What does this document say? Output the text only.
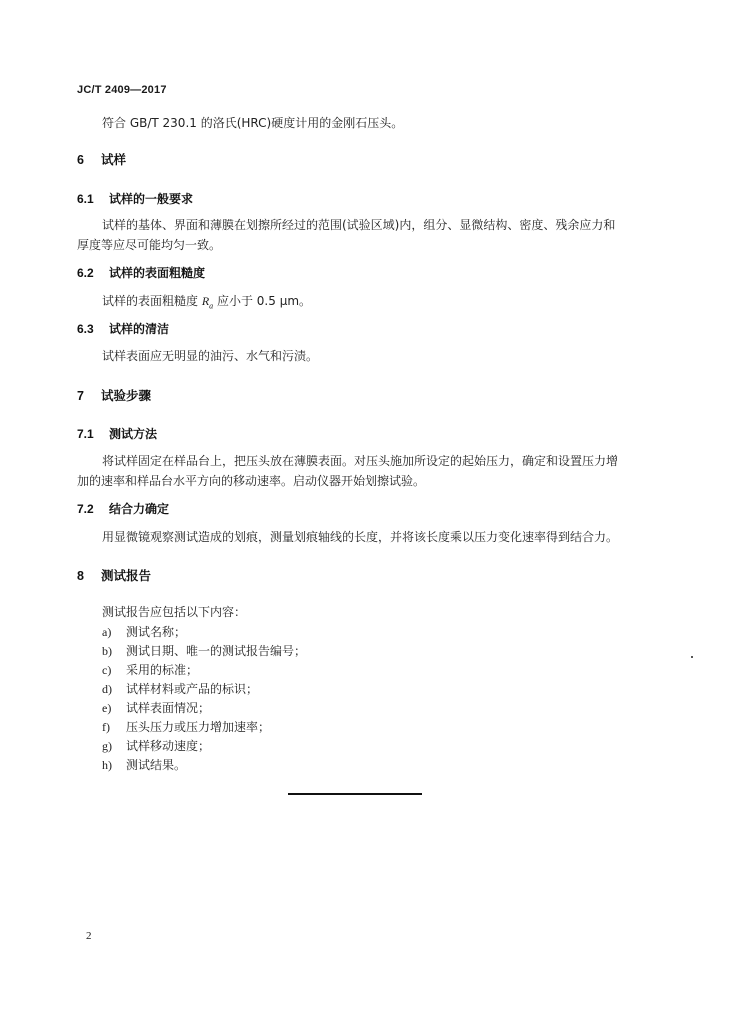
JC/T 2409—2017
符合 GB/T 230.1 的洛氏(HRC)硬度计用的金刚石压头。
6 试样
6.1 试样的一般要求
试样的基体、界面和薄膜在划擦所经过的范围(试验区域)内，组分、显微结构、密度、残余应力和
厚度等应尽可能均匀一致。
6.2 试样的表面粗糙度
试样的表面粗糙度 $R_a$ 应小于 0.5 μm。
6.3 试样的清洁
试样表面应无明显的油污、水气和污渍。
7 试验步骤
7.1 测试方法
将试样固定在样品台上，把压头放在薄膜表面。对压头施加所设定的起始压力，确定和设置压力增
加的速率和样品台水平方向的移动速率。启动仪器开始划擦试验。
7.2 结合力确定
用显微镜观察测试造成的划痕，测量划痕轴线的长度，并将该长度乘以压力变化速率得到结合力。
8 测试报告
测试报告应包括以下内容：
a) 测试名称；
b) 测试日期、唯一的测试报告编号；
c) 采用的标准；
d) 试样材料或产品的标识；
e) 试样表面情况；
f) 压头压力或压力增加速率；
g) 试样移动速度；
h) 测试结果。
2
